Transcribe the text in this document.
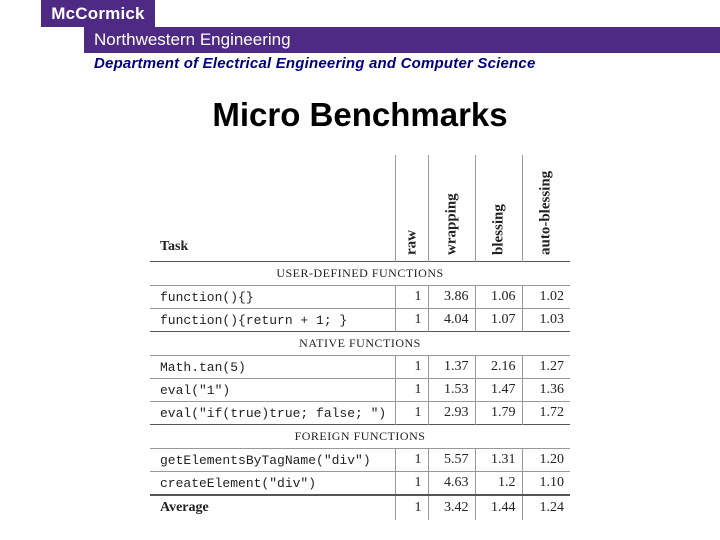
McCormick
Northwestern Engineering
Department of Electrical Engineering and Computer Science
Micro Benchmarks
Task	raw	wrapping	blessing	auto-blessing

USER-DEFINED FUNCTIONS				
function(){}	1	3.86	1.06	1.02
function(){return + 1; }	1	4.04	1.07	1.03
NATIVE FUNCTIONS				
Math.tan(5)	1	1.37	2.16	1.27
eval("1")	1	1.53	1.47	1.36
eval("if(true)true; false; ")	1	2.93	1.79	1.72
FOREIGN FUNCTIONS				
getElementsByTagName("div")	1	5.57	1.31	1.20
createElement("div")	1	4.63	1.2	1.10
Average	1	3.42	1.44	1.24
